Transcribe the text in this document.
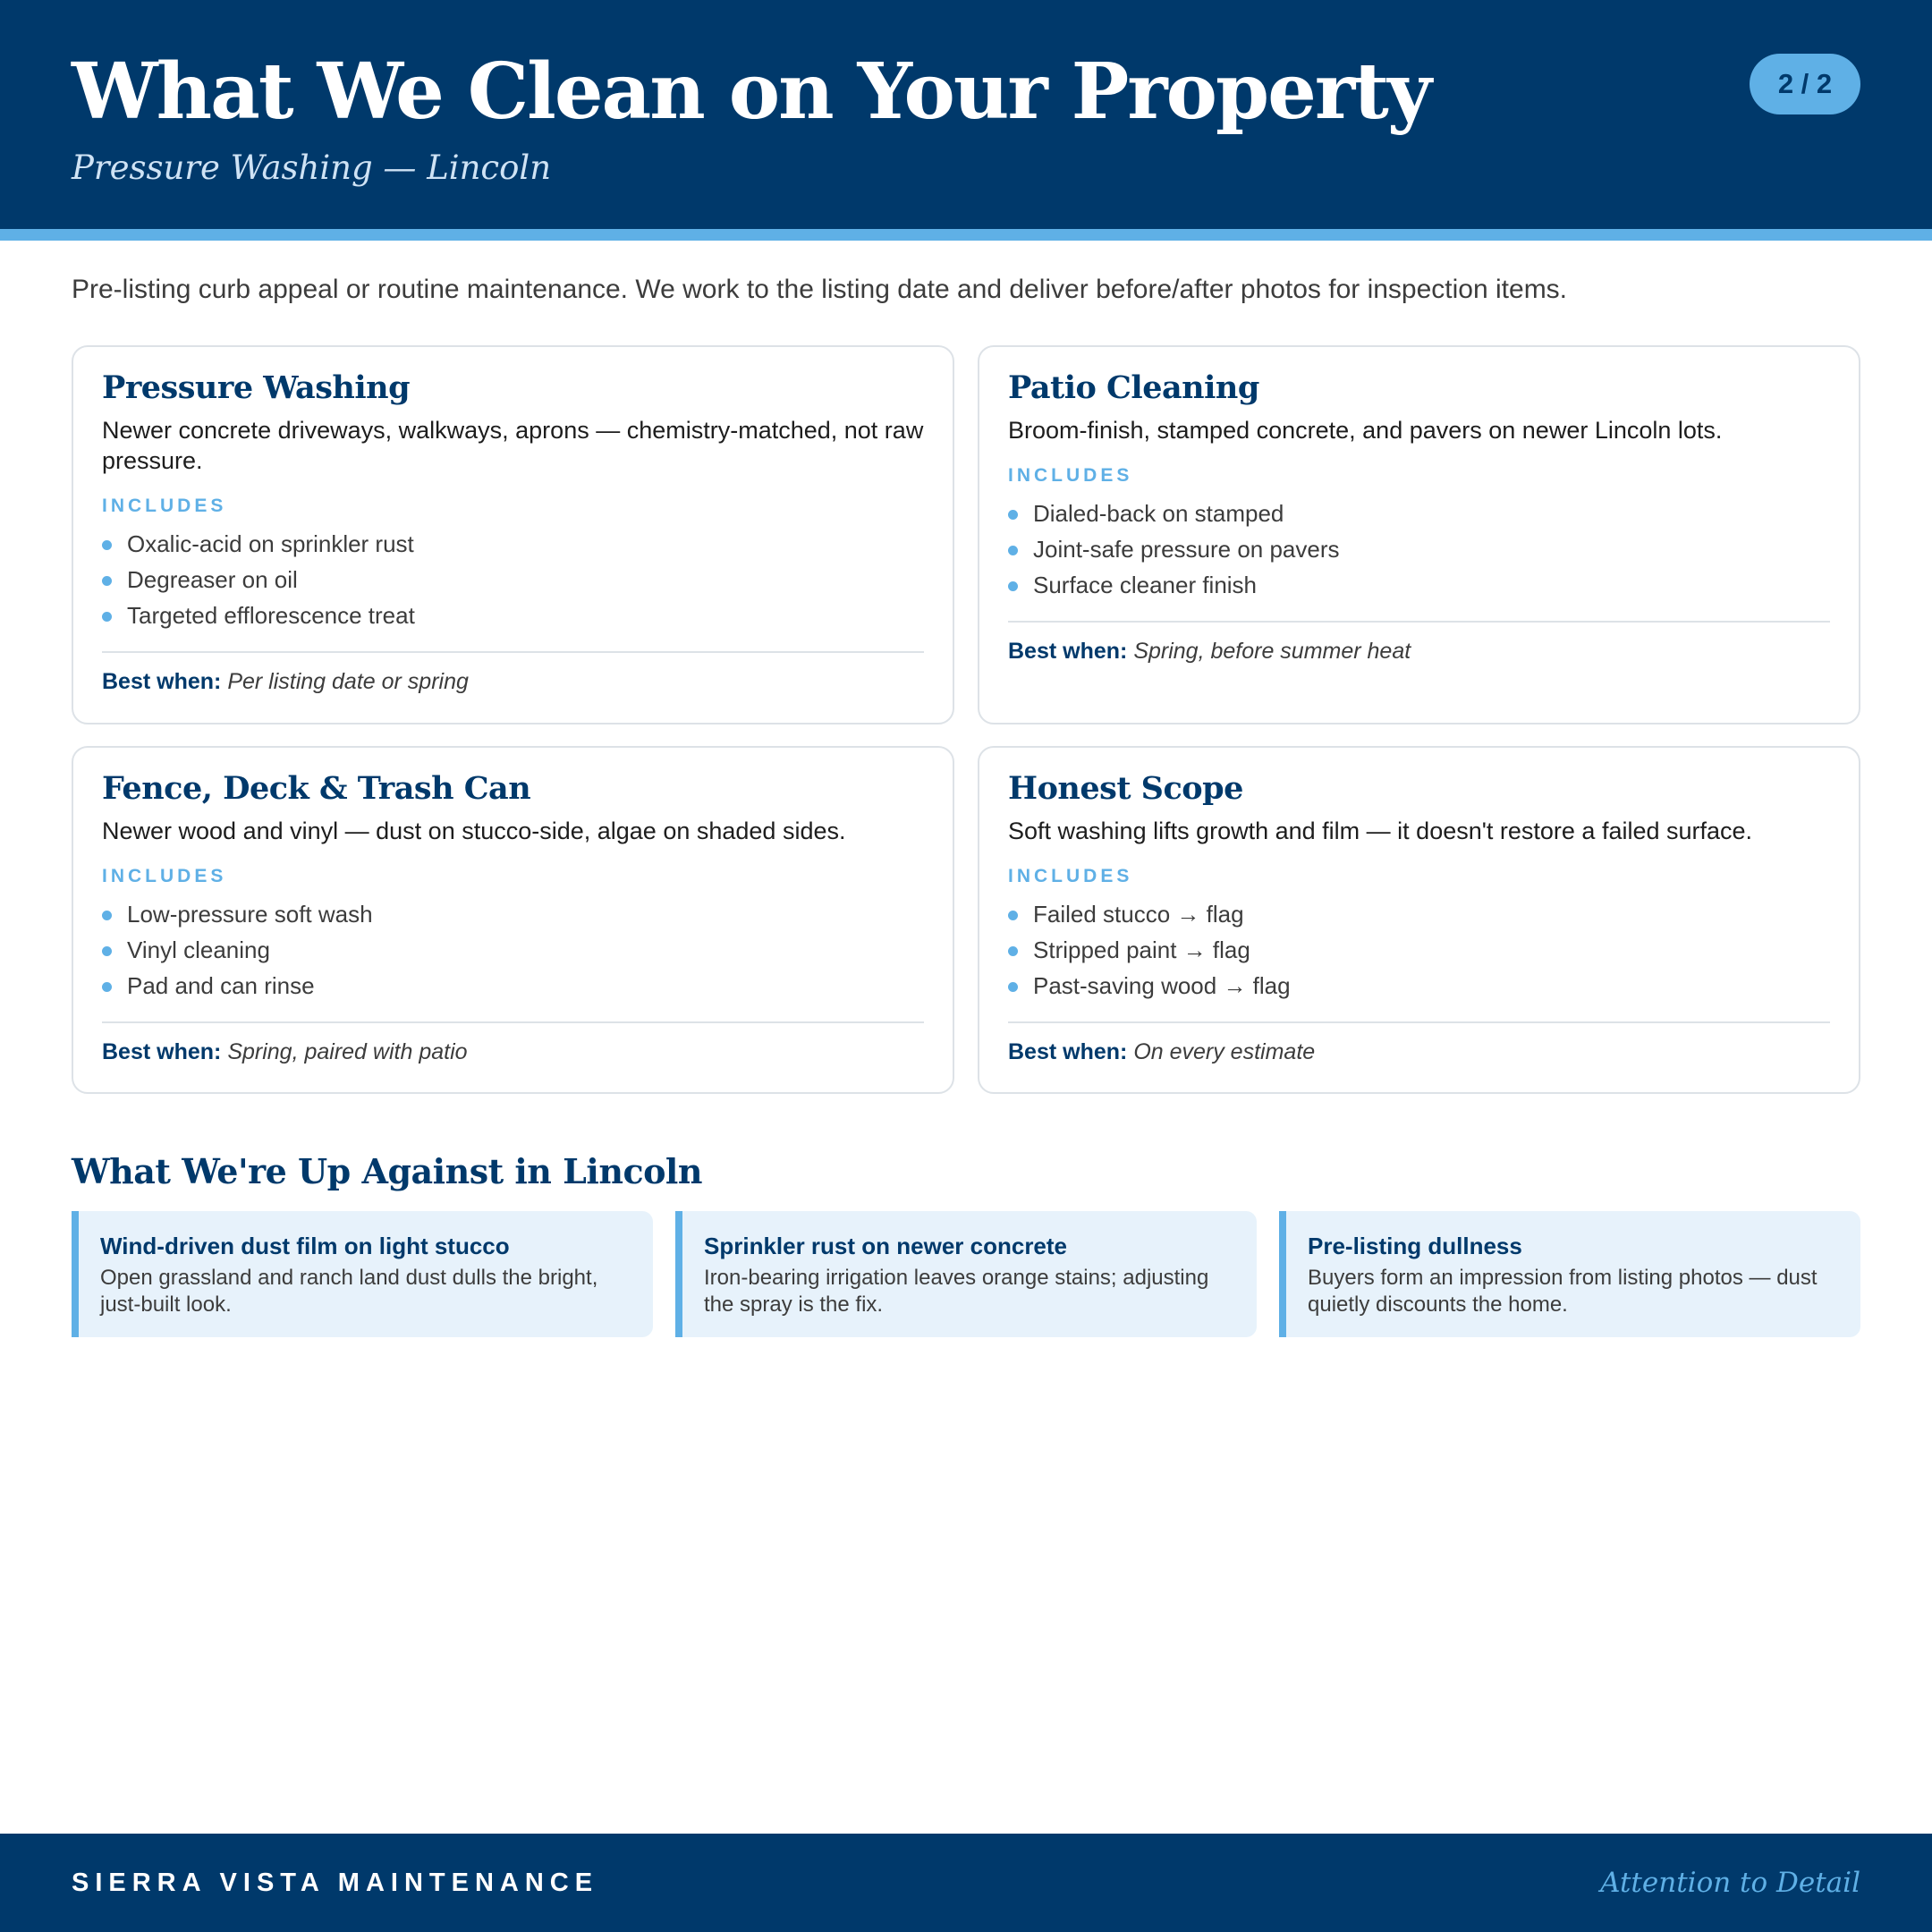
What We Clean on Your Property
Pressure Washing — Lincoln
2 / 2
Pre-listing curb appeal or routine maintenance. We work to the listing date and deliver before/after photos for inspection items.
Pressure Washing
Newer concrete driveways, walkways, aprons — chemistry-matched, not raw pressure.
INCLUDES
Oxalic-acid on sprinkler rust
Degreaser on oil
Targeted efflorescence treat
Best when: Per listing date or spring
Patio Cleaning
Broom-finish, stamped concrete, and pavers on newer Lincoln lots.
INCLUDES
Dialed-back on stamped
Joint-safe pressure on pavers
Surface cleaner finish
Best when: Spring, before summer heat
Fence, Deck & Trash Can
Newer wood and vinyl — dust on stucco-side, algae on shaded sides.
INCLUDES
Low-pressure soft wash
Vinyl cleaning
Pad and can rinse
Best when: Spring, paired with patio
Honest Scope
Soft washing lifts growth and film — it doesn't restore a failed surface.
INCLUDES
Failed stucco → flag
Stripped paint → flag
Past-saving wood → flag
Best when: On every estimate
What We're Up Against in Lincoln
Wind-driven dust film on light stucco
Open grassland and ranch land dust dulls the bright, just-built look.
Sprinkler rust on newer concrete
Iron-bearing irrigation leaves orange stains; adjusting the spray is the fix.
Pre-listing dullness
Buyers form an impression from listing photos — dust quietly discounts the home.
SIERRA VISTA MAINTENANCE	Attention to Detail
